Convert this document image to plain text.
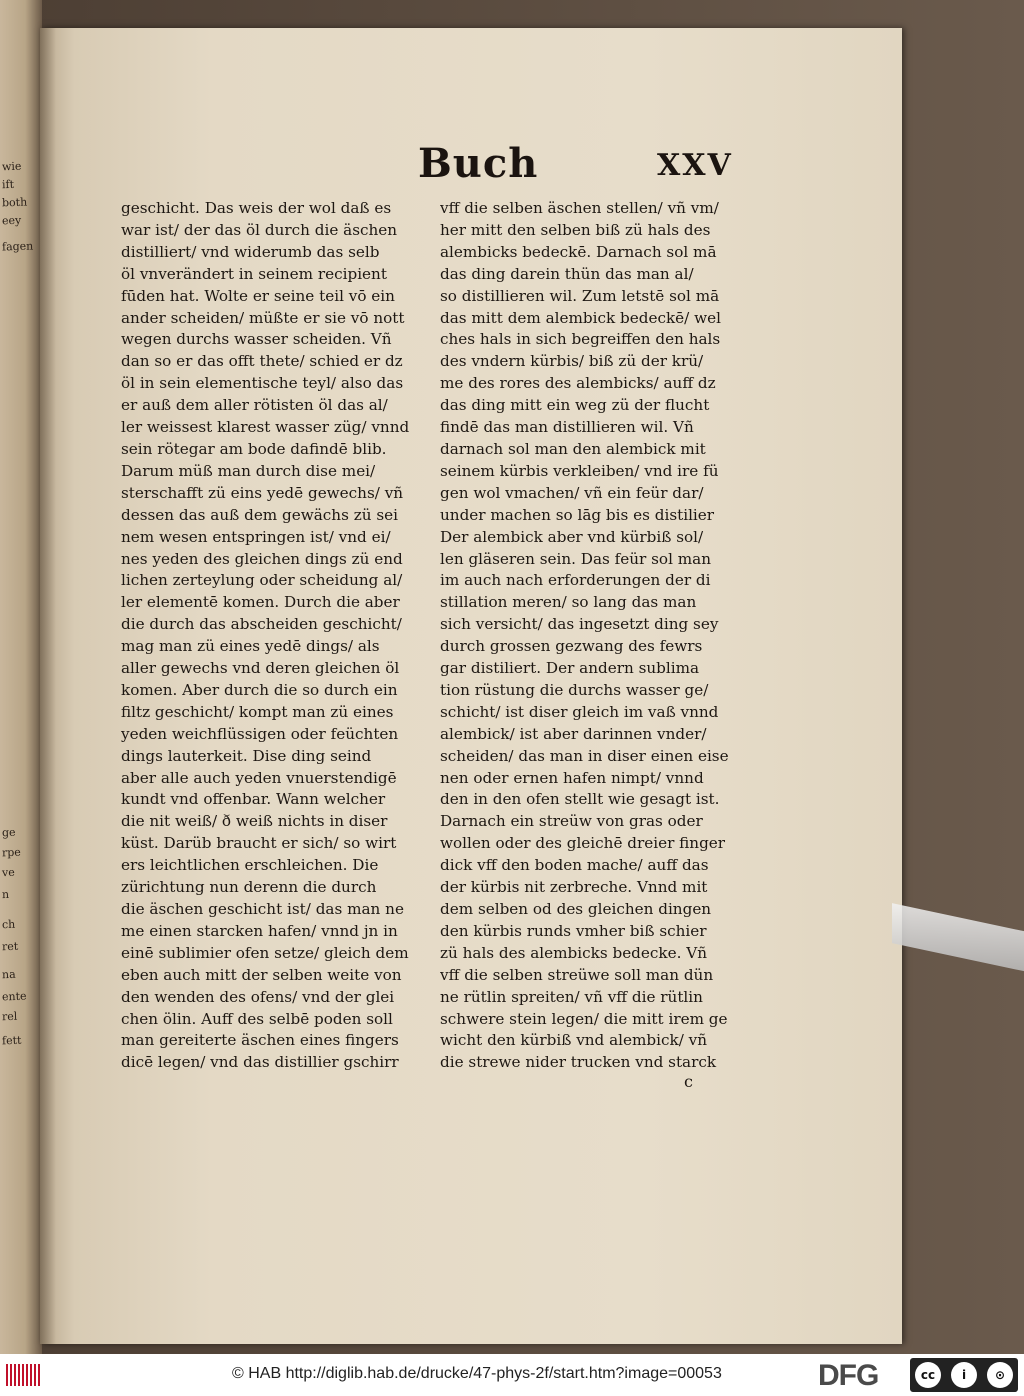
wie
ift
both
eey
fagen
ge
rpe
ve
n
ch
ret
na
ente
rel
fett
Buch	XXV
geschicht. Das weis der wol daß es
war ist/ der das öl durch die äschen
distilliert/ vnd widerumb das selb
öl vnverändert in seinem recipient
fūden hat. Wolte er seine teil vō ein
ander scheiden/ müßte er sie vō nott
wegen durchs wasser scheiden. Vñ
dan so er das offt thete/ schied er dz
öl in sein elementische teyl/ also das
er auß dem aller rötisten öl das al/
ler weissest klarest wasser züg/ vnnd
sein rötegar am bode dafindē blib.
Darum müß man durch dise mei/
sterschafft zü eins yedē gewechs/ vñ
dessen das auß dem gewächs zü sei
nem wesen entspringen ist/ vnd ei/
nes yeden des gleichen dings zü end
lichen zerteylung oder scheidung al/
ler elementē komen. Durch die aber
die durch das abscheiden geschicht/
mag man zü eines yedē dings/ als
aller gewechs vnd deren gleichen öl
komen. Aber durch die so durch ein
filtz geschicht/ kompt man zü eines
yeden weichflüssigen oder feüchten
dings lauterkeit. Dise ding seind
aber alle auch yeden vnuerstendigē
kundt vnd offenbar. Wann welcher
die nit weiß/ ð weiß nichts in diser
küst. Darüb braucht er sich/ so wirt
ers leichtlichen erschleichen. Die
zürichtung nun derenn die durch
die äschen geschicht ist/ das man ne
me einen starcken hafen/ vnnd jn in
einē sublimier ofen setze/ gleich dem
eben auch mitt der selben weite von
den wenden des ofens/ vnd der glei
chen ölin. Auff des selbē poden soll
man gereiterte äschen eines fingers
dicē legen/ vnd das distillier gschirr
vff die selben äschen stellen/ vñ vm/
her mitt den selben biß zü hals des
alembicks bedeckē. Darnach sol mā
das ding darein thün das man al/
so distillieren wil. Zum letstē sol mā
das mitt dem alembick bedeckē/ wel
ches hals in sich begreiffen den hals
des vndern kürbis/ biß zü der krü/
me des rores des alembicks/ auff dz
das ding mitt ein weg zü der flucht
findē das man distillieren wil. Vñ
darnach sol man den alembick mit
seinem kürbis verkleiben/ vnd ire fü
gen wol vmachen/ vñ ein feür dar/
under machen so lāg bis es distilier
Der alembick aber vnd kürbiß sol/
len gläseren sein. Das feür sol man
im auch nach erforderungen der di
stillation meren/ so lang das man
sich versicht/ das ingesetzt ding sey
durch grossen gezwang des fewrs
gar distiliert. Der andern sublima
tion rüstung die durchs wasser ge/
schicht/ ist diser gleich im vaß vnnd
alembick/ ist aber darinnen vnder/
scheiden/ das man in diser einen eise
nen oder ernen hafen nimpt/ vnnd
den in den ofen stellt wie gesagt ist.
Darnach ein streüw von gras oder
wollen oder des gleichē dreier finger
dick vff den boden mache/ auff das
der kürbis nit zerbreche. Vnnd mit
dem selben od des gleichen dingen
den kürbis runds vmher biß schier
zü hals des alembicks bedecke. Vñ
vff die selben streüwe soll man dün
ne rütlin spreiten/ vñ vff die rütlin
schwere stein legen/ die mitt irem ge
wicht den kürbiß vnd alembick/ vñ
die strewe nider trucken vnd starck
c
© HAB http://diglib.hab.de/drucke/47-phys-2f/start.htm?image=00053	DFG	cc	i	⊙
